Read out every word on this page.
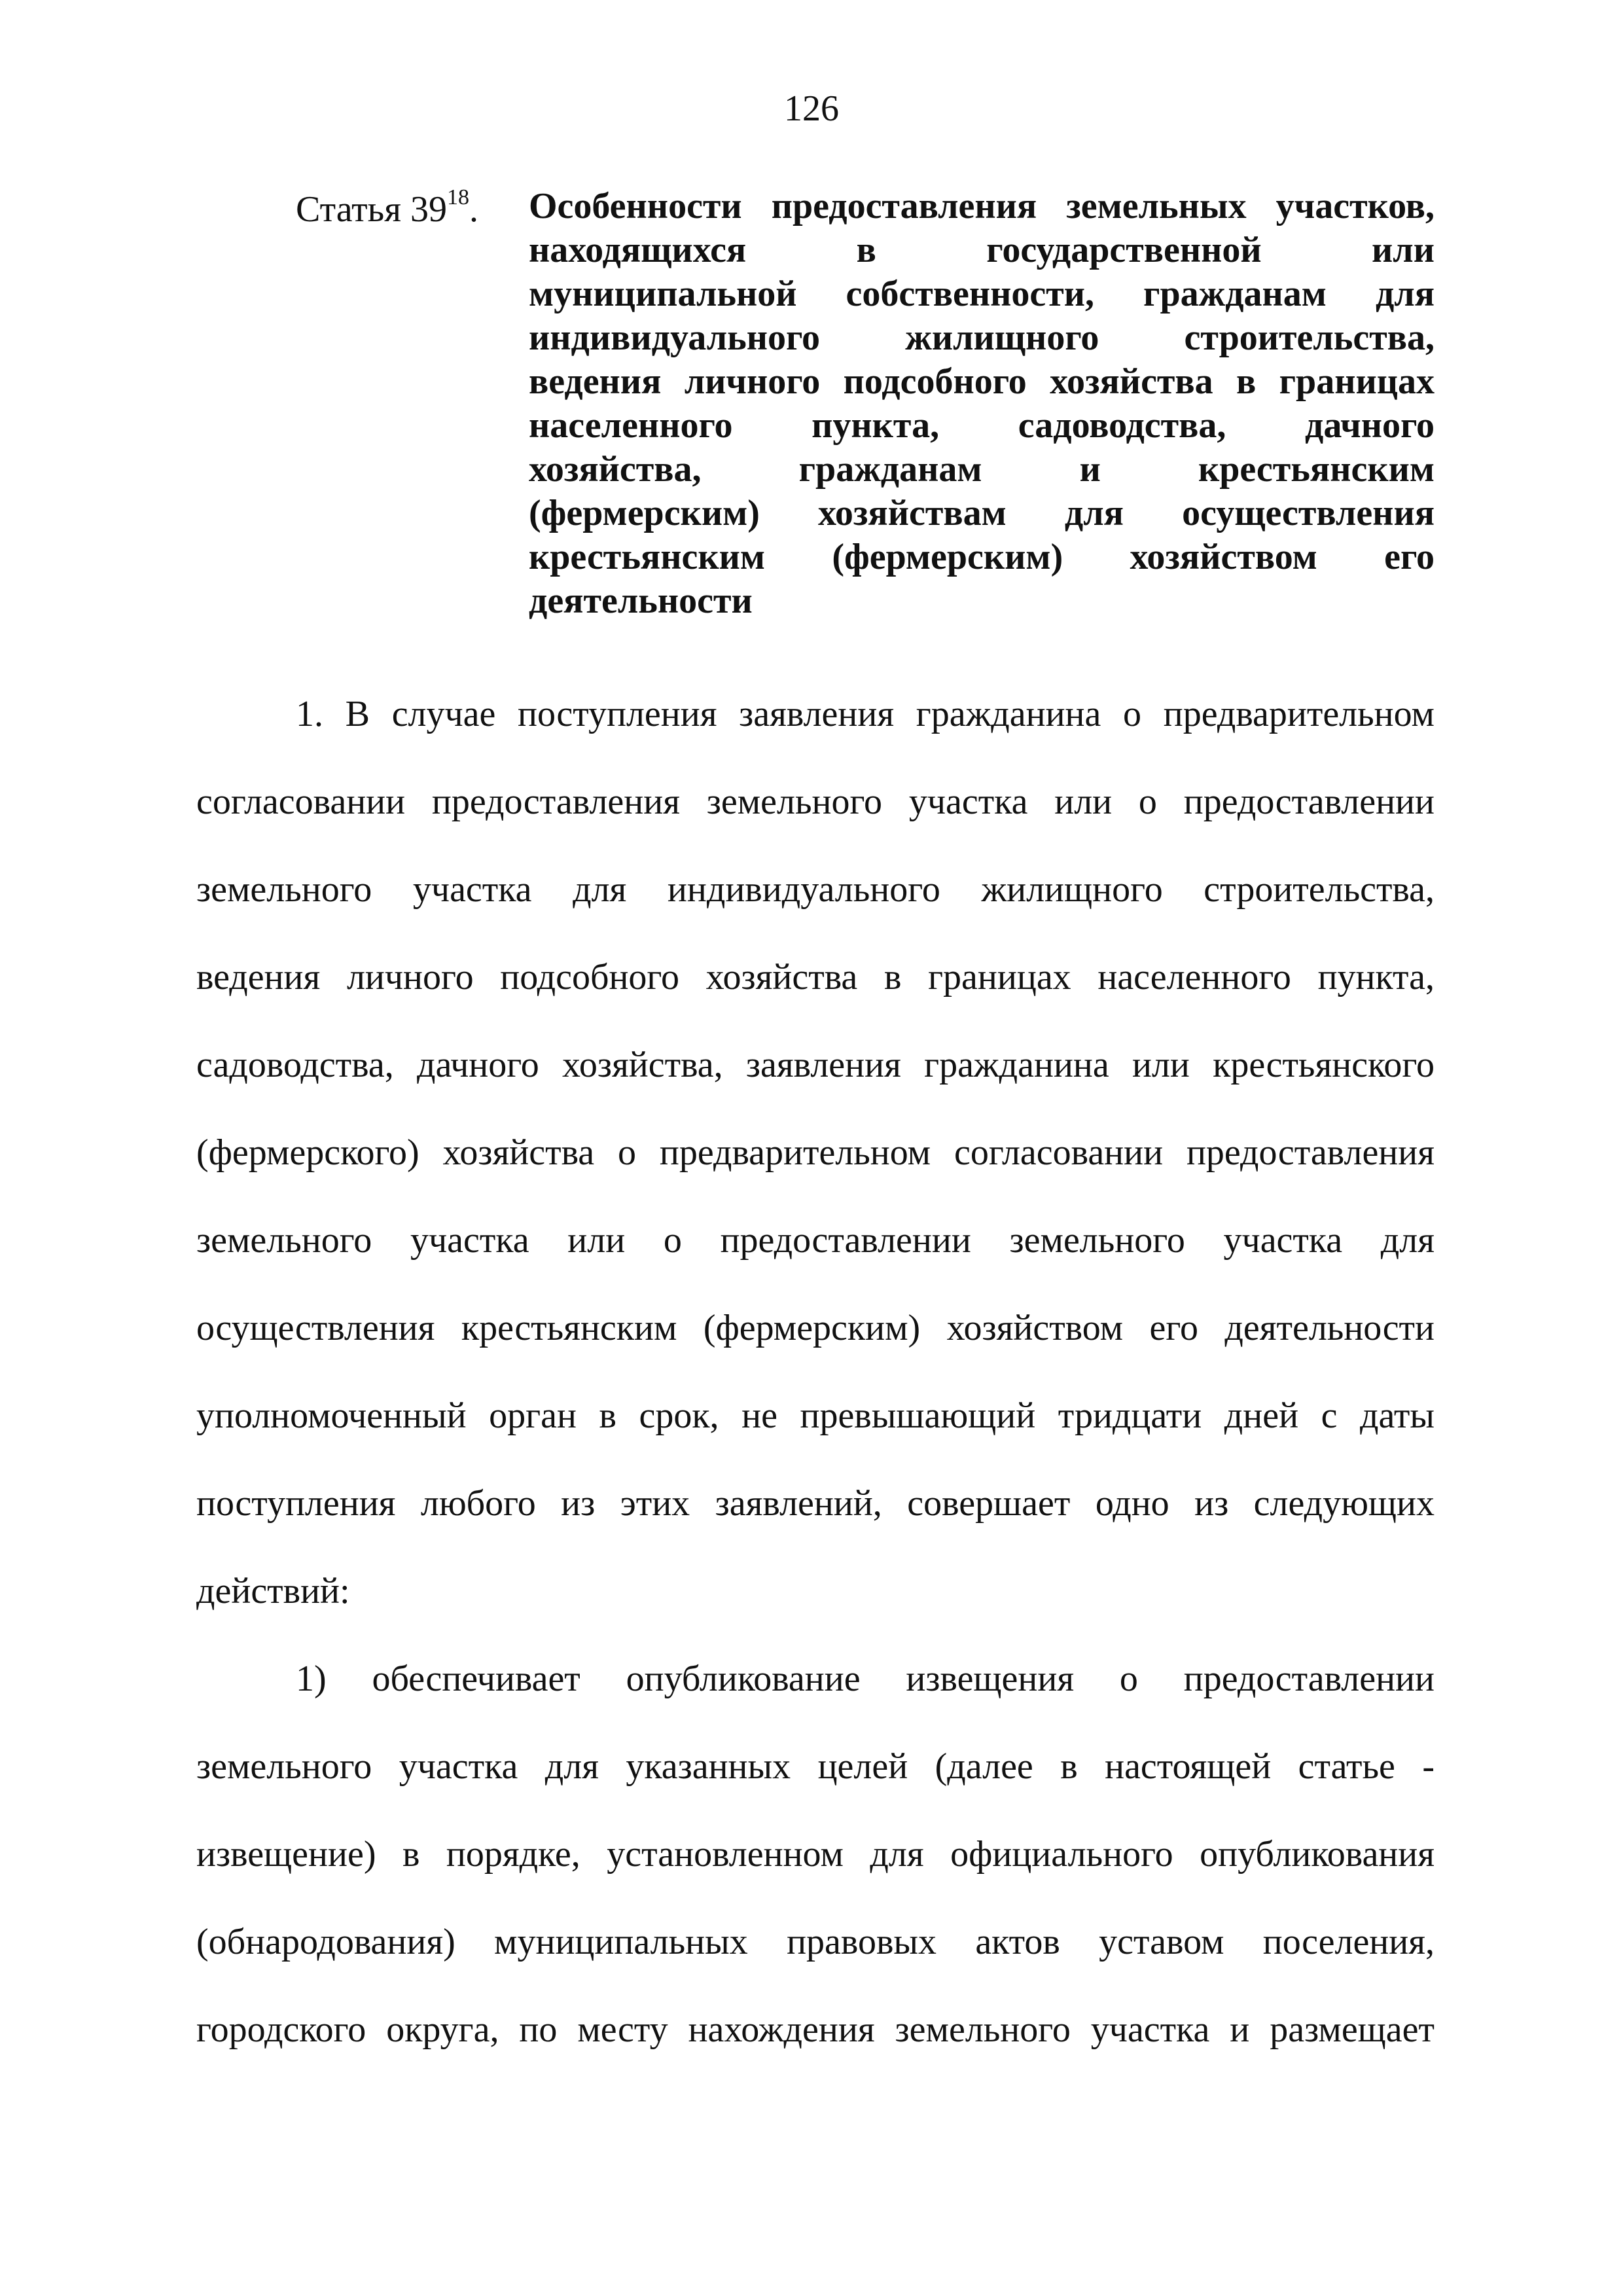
126
Статья $39^{18}$. Особенности предоставления земельных участков,
находящихся в государственной или
муниципальной собственности, гражданам для
индивидуального жилищного строительства,
ведения личного подсобного хозяйства в границах
населенного пункта, садоводства, дачного
хозяйства, гражданам и крестьянским
(фермерским) хозяйствам для осуществления
крестьянским (фермерским) хозяйством его
деятельности
1. В случае поступления заявления гражданина о предварительном
согласовании предоставления земельного участка или о предоставлении
земельного участка для индивидуального жилищного строительства,
ведения личного подсобного хозяйства в границах населенного пункта,
садоводства, дачного хозяйства, заявления гражданина или крестьянского
(фермерского) хозяйства о предварительном согласовании предоставления
земельного участка или о предоставлении земельного участка для
осуществления крестьянским (фермерским) хозяйством его деятельности
уполномоченный орган в срок, не превышающий тридцати дней с даты
поступления любого из этих заявлений, совершает одно из следующих
действий:
1) обеспечивает опубликование извещения о предоставлении
земельного участка для указанных целей (далее в настоящей статье -
извещение) в порядке, установленном для официального опубликования
(обнародования) муниципальных правовых актов уставом поселения,
городского округа, по месту нахождения земельного участка и размещает
